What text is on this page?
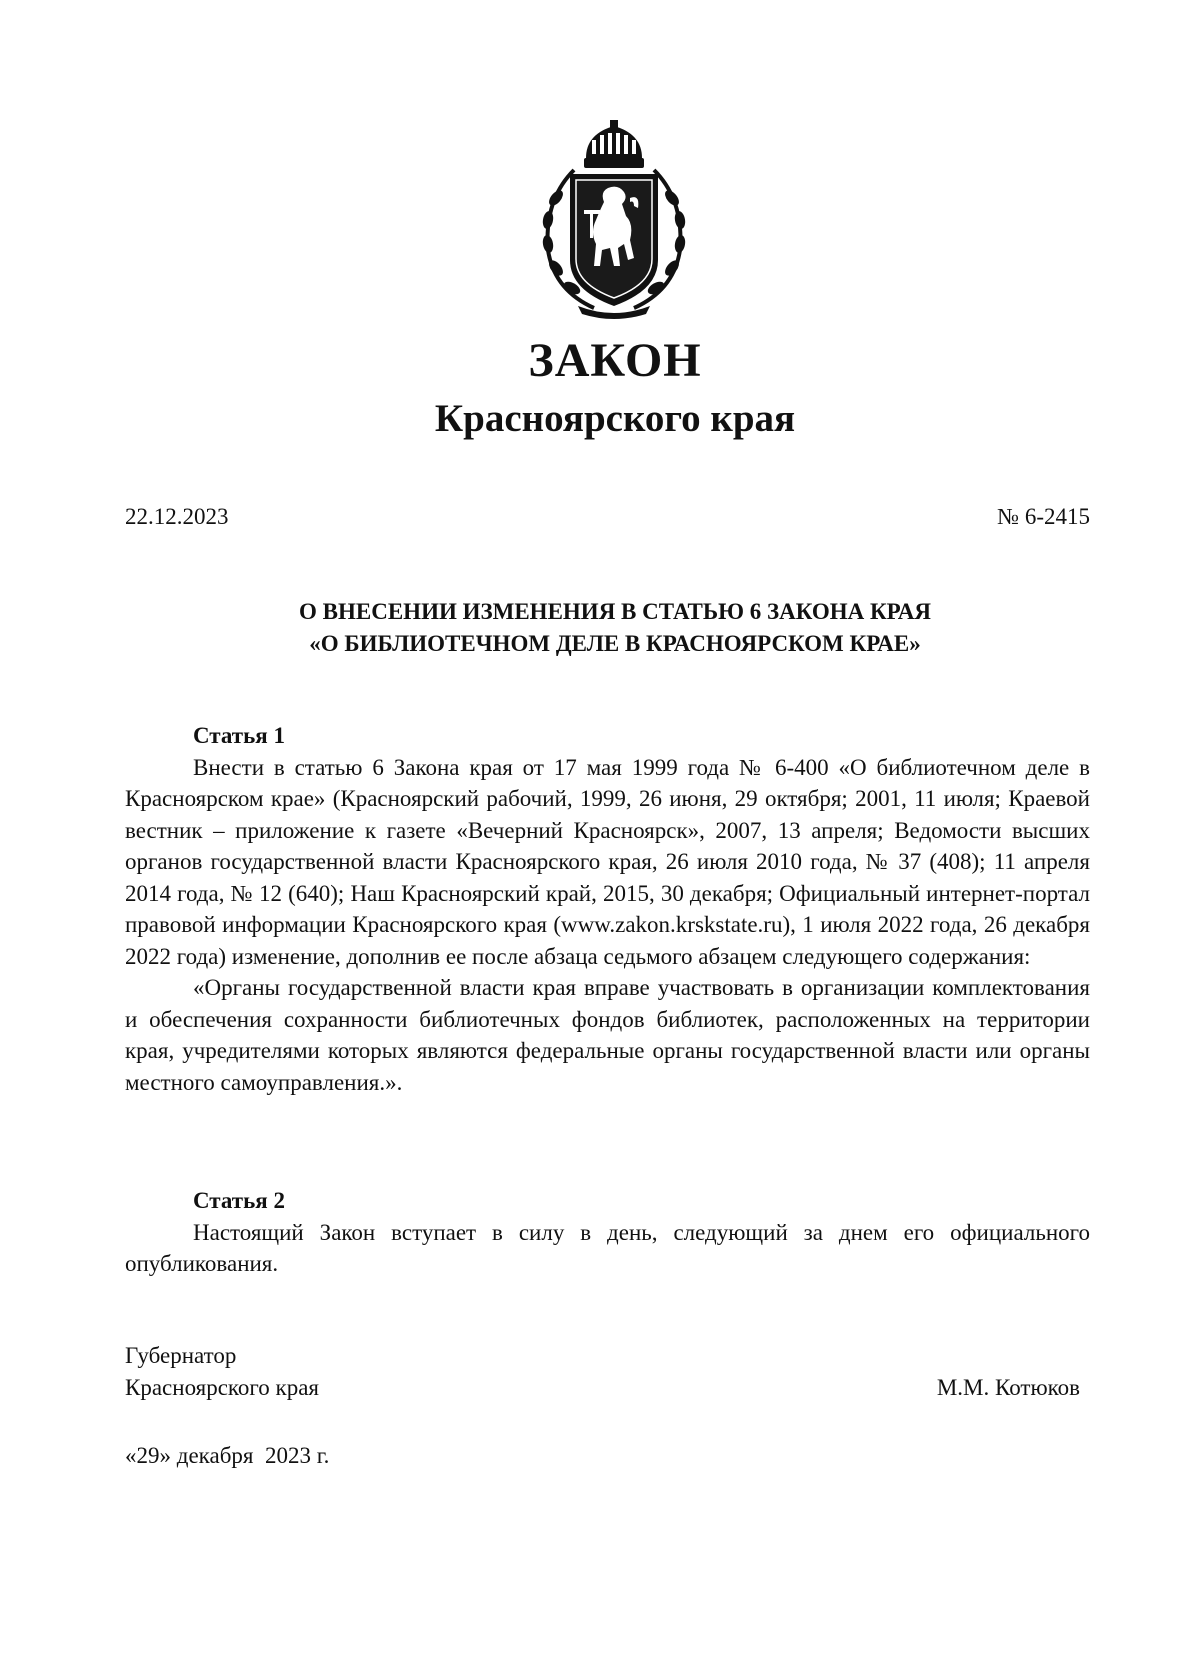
ЗАКОН
Красноярского края
22.12.2023	№ 6-2415
О ВНЕСЕНИИ ИЗМЕНЕНИЯ В СТАТЬЮ 6 ЗАКОНА КРАЯ
«О БИБЛИОТЕЧНОМ ДЕЛЕ В КРАСНОЯРСКОМ КРАЕ»
Статья 1

Внести в статью 6 Закона края от 17 мая 1999 года № 6-400 «О библиотечном деле в Красноярском крае» (Красноярский рабочий, 1999, 26 июня, 29 октября; 2001, 11 июля; Краевой вестник – приложение к газете «Вечерний Красноярск», 2007, 13 апреля; Ведомости высших органов государственной власти Красноярского края, 26 июля 2010 года, № 37 (408); 11 апреля 2014 года, № 12 (640); Наш Красноярский край, 2015, 30 декабря; Официальный интернет-портал правовой информации Красноярского края (www.zakon.krskstate.ru), 1 июля 2022 года, 26 декабря 2022 года) изменение, дополнив ее после абзаца седьмого абзацем следующего содержания:

«Органы государственной власти края вправе участвовать в организации комплектования и обеспечения сохранности библиотечных фондов библиотек, расположенных на территории края, учредителями которых являются федеральные органы государственной власти или органы местного самоуправления.».

Статья 2

Настоящий Закон вступает в силу в день, следующий за днем его официального опубликования.

Губернатор
Красноярского края	М.М. Котюков
«29» декабря  2023 г.
